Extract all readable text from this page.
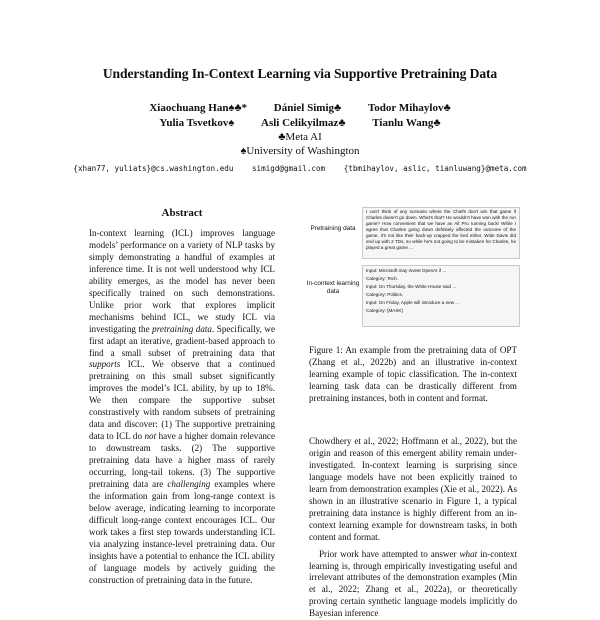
Understanding In-Context Learning via Supportive Pretraining Data
Xiaochuang Han♠♣* Dániel Simig♣ Todor Mihaylov♣
Yulia Tsvetkov♠ Asli Celikyilmaz♣ Tianlu Wang♣
♣Meta AI
♠University of Washington
{xhan77, yuliats}@cs.washington.edu simigd@gmail.com {tbmihaylov, aslic, tianluwang}@meta.com
Abstract

In-context learning (ICL) improves language models’ performance on a variety of NLP tasks by simply demonstrating a handful of examples at inference time. It is not well understood why ICL ability emerges, as the model has never been specifically trained on such demonstrations. Unlike prior work that explores implicit mechanisms behind ICL, we study ICL via investigating the pretraining data. Specifically, we first adapt an iterative, gradient-based approach to find a small subset of pretraining data that supports ICL. We observe that a continued pretraining on this small subset significantly improves the model’s ICL ability, by up to 18%. We then compare the supportive subset constrastively with random subsets of pretraining data and discover: (1) The supportive pretraining data to ICL do not have a higher domain relevance to downstream tasks. (2) The supportive pretraining data have a higher mass of rarely occurring, long-tail tokens. (3) The supportive pretraining data are challenging examples where the information gain from long-range context is below average, indicating learning to incorporate difficult long-range context encourages ICL. Our work takes a first step towards understanding ICL via analyzing instance-level pretraining data. Our insights have a potential to enhance the ICL ability of language models by actively guiding the construction of pretraining data in the future.

Pretraining data
I can't think of any scenario where the Chiefs don't win that game if Charles doesn't go down. What's that? He wouldn't have won with the run game? How convenient that we have an All Pro running back! While I agree that Charles going down definitely affected the outcome of the game, it's not like their back-up crapped the bed either. Wide Davis did end up with 2 TDs, so while he's not going to be mistaken for Charles, he played a great game ...
In-context learning data
Input: Microsoft may invest OpenAI if ...
Category: Tech.
Input: On Thursday, the White House said ...
Category: Politics.
Input: On Friday, Apple will introduce a new ...
Category: [MASK]
Figure 1: An example from the pretraining data of OPT (Zhang et al., 2022b) and an illustrative in-context learning example of topic classification. The in-context learning task data can be drastically different from pretraining instances, both in content and format.

Chowdhery et al., 2022; Hoffmann et al., 2022), but the origin and reason of this emergent ability remain under-investigated. In-context learning is surprising since language models have not been explicitly trained to learn from demonstration examples (Xie et al., 2022). As shown in an illustrative scenario in Figure 1, a typical pretraining data instance is highly different from an in-context learning example for downstream tasks, in both content and format.

Prior work have attempted to answer what in-context learning is, through empirically investigating useful and irrelevant attributes of the demonstration examples (Min et al., 2022; Zhang et al., 2022a), or theoretically proving certain synthetic language models implicitly do Bayesian inference
